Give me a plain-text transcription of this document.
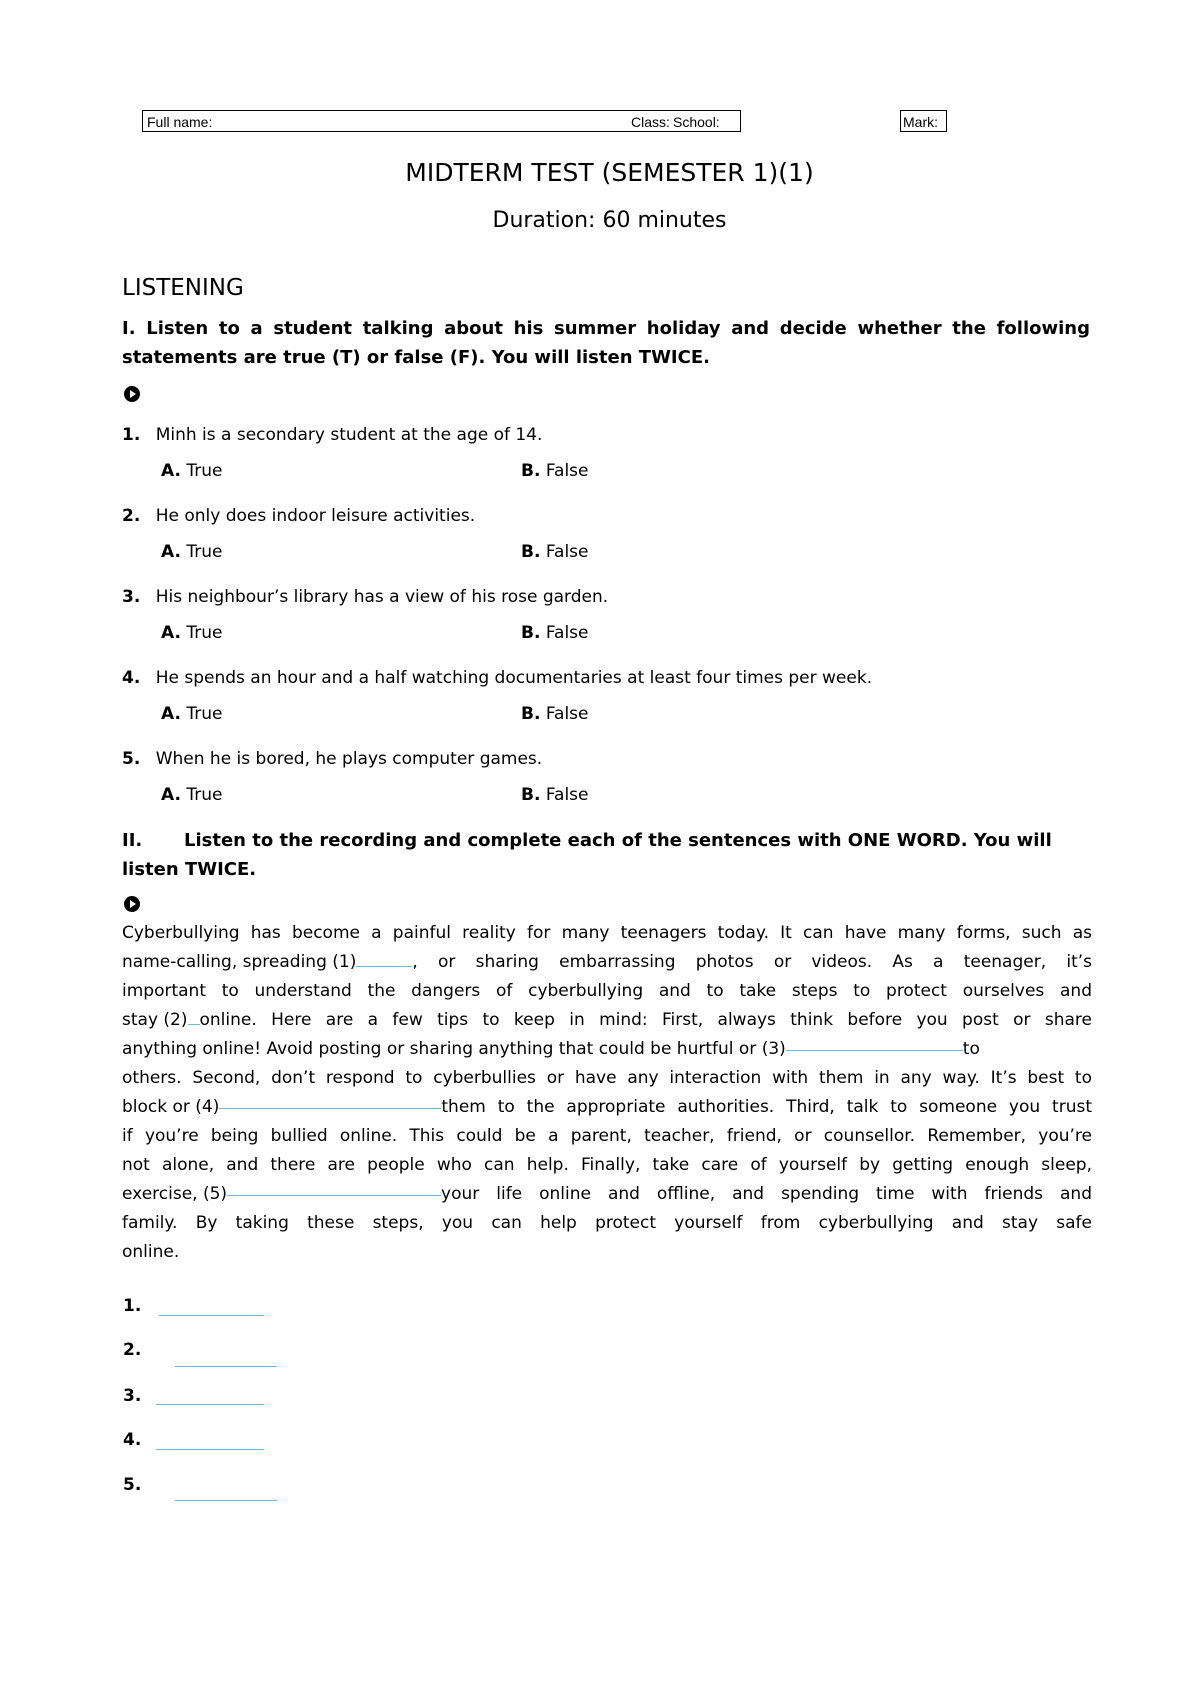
Full name:	Class: School:	Mark:
MIDTERM TEST (SEMESTER 1)(1)
Duration: 60 minutes
LISTENING
I. Listen to a student talking about his summer holiday and decide whether the following
statements are true (T) or false (F). You will listen TWICE.
1. Minh is a secondary student at the age of 14.
A. True	B. False
2. He only does indoor leisure activities.
A. True	B. False
3. His neighbour’s library has a view of his rose garden.
A. True	B. False
4. He spends an hour and a half watching documentaries at least four times per week.
A. True	B. False
5. When he is bored, he plays computer games.
A. True	B. False
II. Listen to the recording and complete each of the sentences with ONE WORD. You will
listen TWICE.
Cyberbullying has become a painful reality for many teenagers today. It can have many forms, such as
name-calling, spreading (1)	, or sharing embarrassing photos or videos. As a teenager, it’s
important to understand the dangers of cyberbullying and to take steps to protect ourselves and
stay (2) online. Here are a few tips to keep in mind: First, always think before you post or share
anything online! Avoid posting or sharing anything that could be hurtful or (3)	to
others. Second, don’t respond to cyberbullies or have any interaction with them in any way. It’s best to
block or (4)	them to the appropriate authorities. Third, talk to someone you trust
if you’re being bullied online. This could be a parent, teacher, friend, or counsellor. Remember, you’re
not alone, and there are people who can help. Finally, take care of yourself by getting enough sleep,
exercise, (5)	your life online and offline, and spending time with friends and
family. By taking these steps, you can help protect yourself from cyberbullying and stay safe
online.
1.
2.
3.
4.
5.
